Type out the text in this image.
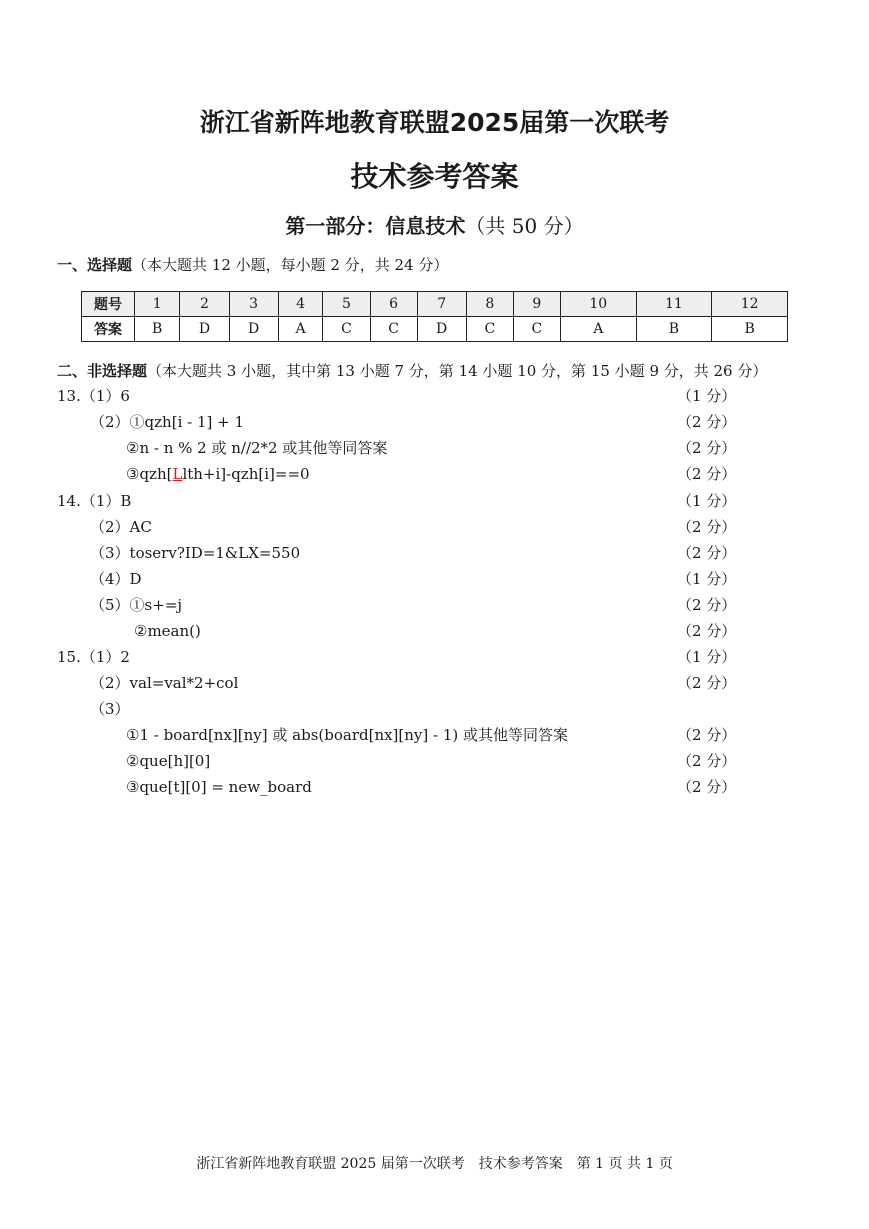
浙江省新阵地教育联盟2025届第一次联考
技术参考答案
第一部分：信息技术（共 50 分）
一、选择题（本大题共 12 小题，每小题 2 分，共 24 分）
题号	1	2	3	4	5	6	7	8	9	10	11	12
答案	B	D	D	A	C	C	D	C	C	A	B	B
二、非选择题（本大题共 3 小题，其中第 13 小题 7 分，第 14 小题 10 分，第 15 小题 9 分，共 26 分）
13.（1）6	（1 分）
（2）①qzh[i - 1] + 1	（2 分）
②n - n % 2 或 n//2*2 或其他等同答案	（2 分）
③qzh[Llth+i]-qzh[i]==0	（2 分）
14.（1）B	（1 分）
（2）AC	（2 分）
（3）toserv?ID=1&LX=550	（2 分）
（4）D	（1 分）
（5）①s+=j	（2 分）
②mean()	（2 分）
15.（1）2	（1 分）
（2）val=val*2+col	（2 分）
（3）
①1 - board[nx][ny] 或 abs(board[nx][ny] - 1) 或其他等同答案	（2 分）
②que[h][0]	（2 分）
③que[t][0] = new_board	（2 分）
浙江省新阵地教育联盟 2025 届第一次联考　技术参考答案　第 1 页 共 1 页
